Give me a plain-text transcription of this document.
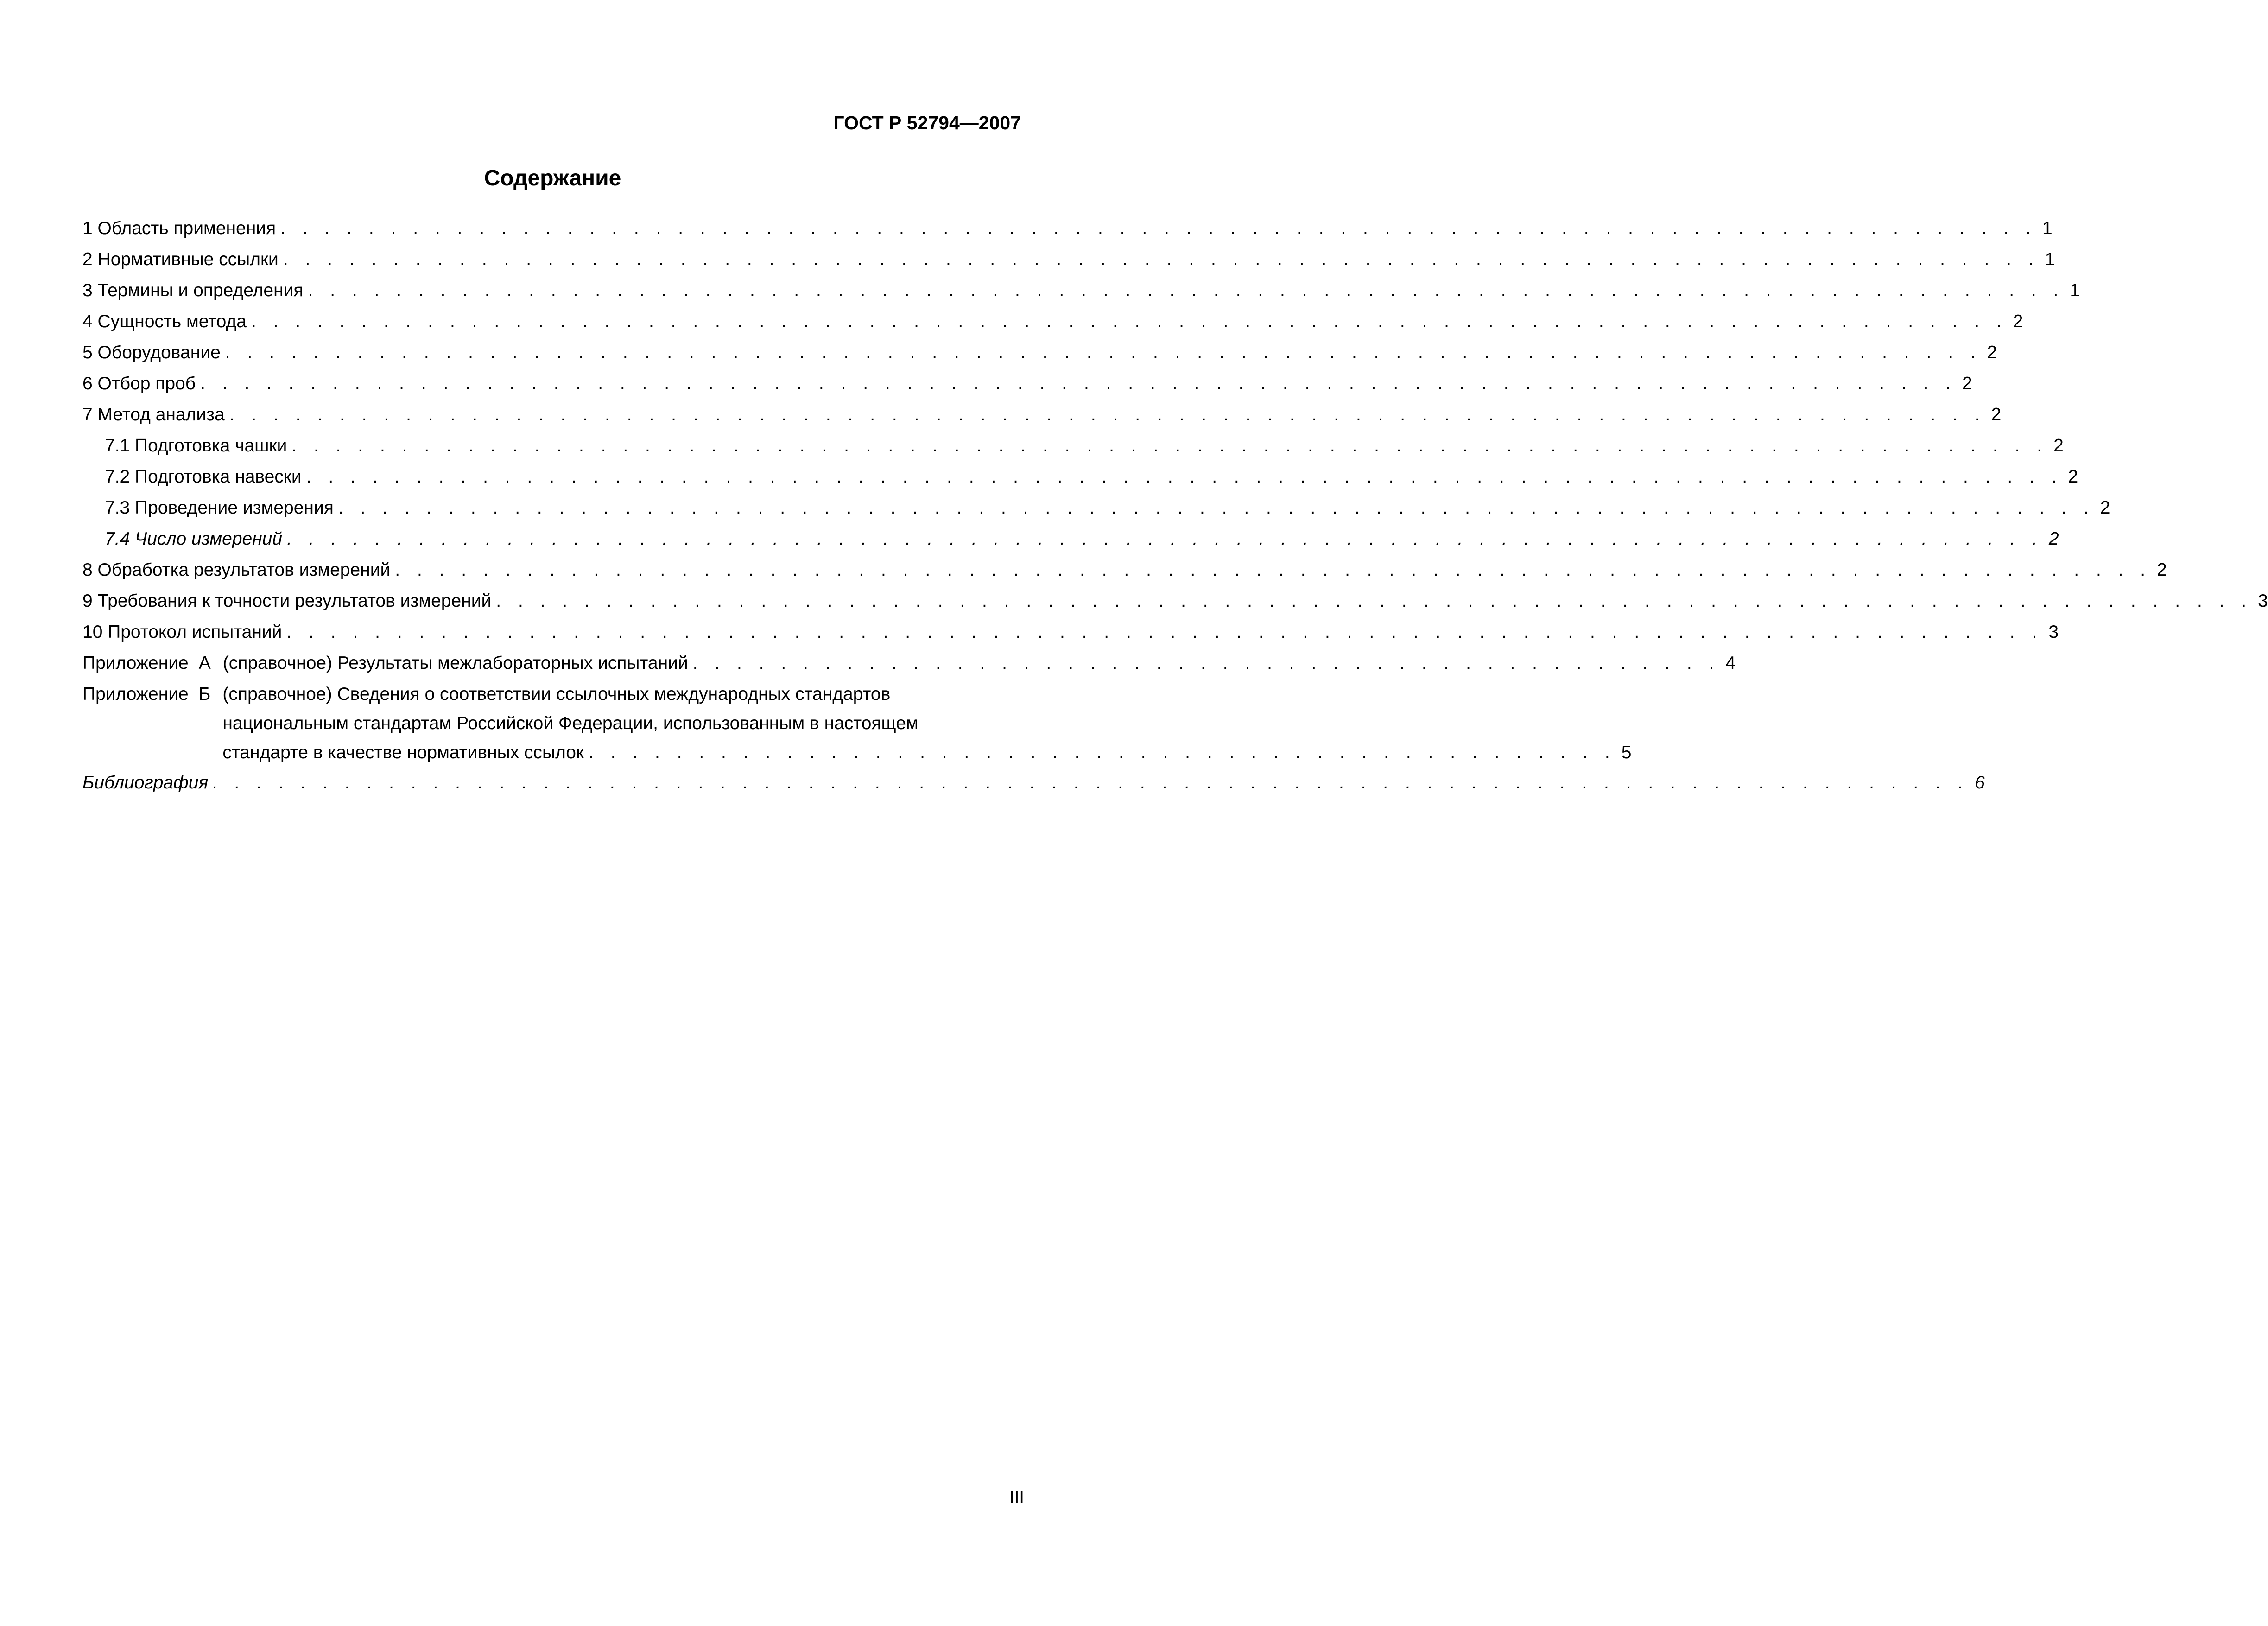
ГОСТ Р 52794—2007
Содержание
1 Область применения . . . . . . . . . . . . . . . . . . . . . . . . . . . . . . . . . . . . . . . . . . . . . . . . . . . . . . . . . . . . . . . . . . . . . . . . . . . . . . . . 1
2 Нормативные ссылки . . . . . . . . . . . . . . . . . . . . . . . . . . . . . . . . . . . . . . . . . . . . . . . . . . . . . . . . . . . . . . . . . . . . . . . . . . . . . . . . 1
3 Термины и определения . . . . . . . . . . . . . . . . . . . . . . . . . . . . . . . . . . . . . . . . . . . . . . . . . . . . . . . . . . . . . . . . . . . . . . . . . . . . . . . . 1
4 Сущность метода . . . . . . . . . . . . . . . . . . . . . . . . . . . . . . . . . . . . . . . . . . . . . . . . . . . . . . . . . . . . . . . . . . . . . . . . . . . . . . . . 2
5 Оборудование . . . . . . . . . . . . . . . . . . . . . . . . . . . . . . . . . . . . . . . . . . . . . . . . . . . . . . . . . . . . . . . . . . . . . . . . . . . . . . . . 2
6 Отбор проб . . . . . . . . . . . . . . . . . . . . . . . . . . . . . . . . . . . . . . . . . . . . . . . . . . . . . . . . . . . . . . . . . . . . . . . . . . . . . . . . 2
7 Метод анализа . . . . . . . . . . . . . . . . . . . . . . . . . . . . . . . . . . . . . . . . . . . . . . . . . . . . . . . . . . . . . . . . . . . . . . . . . . . . . . . . 2
7.1 Подготовка чашки . . . . . . . . . . . . . . . . . . . . . . . . . . . . . . . . . . . . . . . . . . . . . . . . . . . . . . . . . . . . . . . . . . . . . . . . . . . . . . . . 2
7.2 Подготовка навески . . . . . . . . . . . . . . . . . . . . . . . . . . . . . . . . . . . . . . . . . . . . . . . . . . . . . . . . . . . . . . . . . . . . . . . . . . . . . . . . 2
7.3 Проведение измерения . . . . . . . . . . . . . . . . . . . . . . . . . . . . . . . . . . . . . . . . . . . . . . . . . . . . . . . . . . . . . . . . . . . . . . . . . . . . . . . . 2
7.4 Число измерений . . . . . . . . . . . . . . . . . . . . . . . . . . . . . . . . . . . . . . . . . . . . . . . . . . . . . . . . . . . . . . . . . . . . . . . . . . . . . . . . 2
8 Обработка результатов измерений . . . . . . . . . . . . . . . . . . . . . . . . . . . . . . . . . . . . . . . . . . . . . . . . . . . . . . . . . . . . . . . . . . . . . . . . . . . . . . . . 2
9 Требования к точности результатов измерений . . . . . . . . . . . . . . . . . . . . . . . . . . . . . . . . . . . . . . . . . . . . . . . . . . . . . . . . . . . . . . . . . . . . . . . . . . . . . . . . 3
10 Протокол испытаний . . . . . . . . . . . . . . . . . . . . . . . . . . . . . . . . . . . . . . . . . . . . . . . . . . . . . . . . . . . . . . . . . . . . . . . . . . . . . . . . 3
Приложение А (справочное) Результаты межлабораторных испытаний . . . . . . . . . . . . . . . . . . . . . . . . . . . . . . . . . . . . . . . . . . . . . . . 4
Приложение Б (справочное) Сведения о соответствии ссылочных международных стандартов
национальным стандартам Российской Федерации, использованным в настоящем
стандарте в качестве нормативных ссылок . . . . . . . . . . . . . . . . . . . . . . . . . . . . . . . . . . . . . . . . . . . . . . . 5
Библиография . . . . . . . . . . . . . . . . . . . . . . . . . . . . . . . . . . . . . . . . . . . . . . . . . . . . . . . . . . . . . . . . . . . . . . . . . . . . . . . . 6
III
